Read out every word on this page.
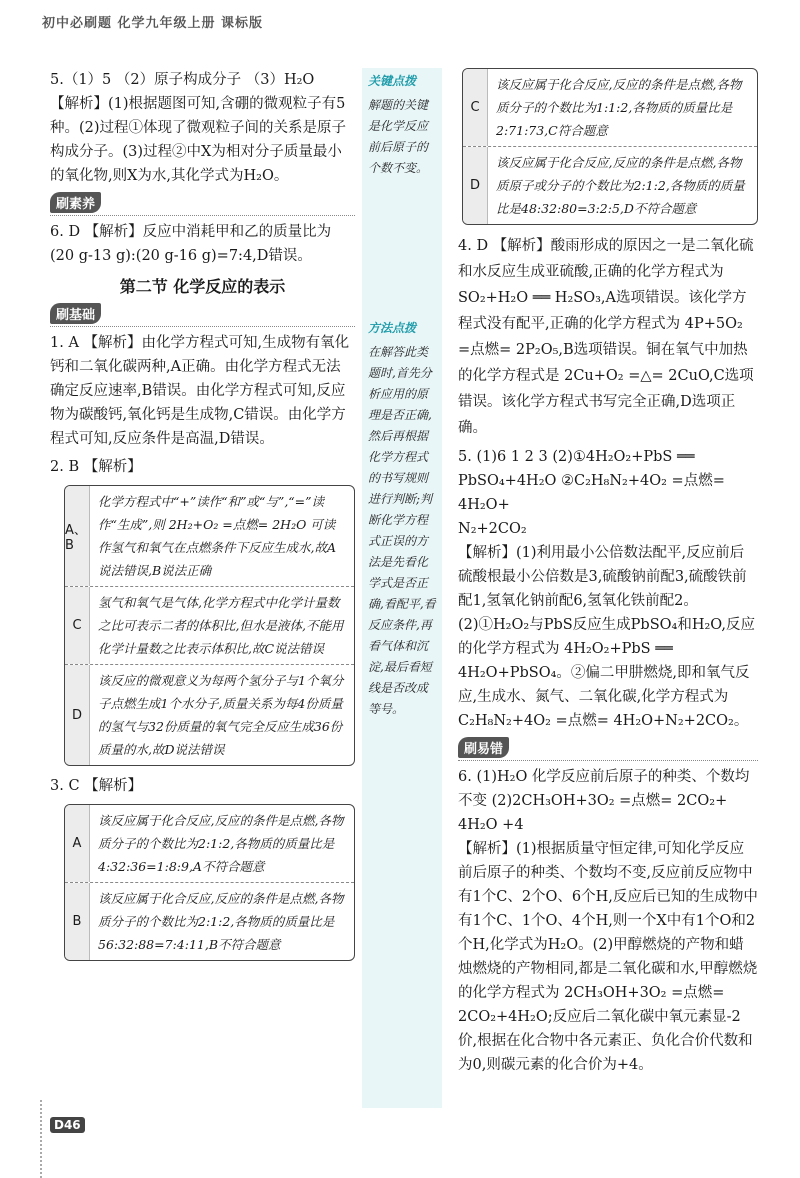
初中必刷题 化学九年级上册 课标版

关键点拨

解题的关键是化学反应前后原子的个数不变。

方法点拨

在解答此类题时,首先分析应用的原理是否正确,然后再根据化学方程式的书写规则进行判断;判断化学方程式正误的方法是先看化学式是否正确,看配平,看反应条件,再看气体和沉淀,最后看短线是否改成等号。

5.（1）5 （2）原子构成分子 （3）H₂O

【解析】(1)根据题图可知,含硼的微观粒子有5种。(2)过程①体现了微观粒子间的关系是原子构成分子。(3)过程②中X为相对分子质量最小的氧化物,则X为水,其化学式为H₂O。

刷素养

6. D 【解析】反应中消耗甲和乙的质量比为(20 g-13 g):(20 g-16 g)=7:4,D错误。

第二节 化学反应的表示
刷基础

1. A 【解析】由化学方程式可知,生成物有氧化钙和二氧化碳两种,A正确。由化学方程式无法确定反应速率,B错误。由化学方程式可知,反应物为碳酸钙,氧化钙是生成物,C错误。由化学方程式可知,反应条件是高温,D错误。

2. B 【解析】

A、B
化学方程式中“+”读作“和”或“与”,“=”读作“生成”,则 2H₂+O₂ =点燃= 2H₂O 可读作氢气和氧气在点燃条件下反应生成水,故A说法错误,B说法正确
C
氢气和氧气是气体,化学方程式中化学计量数之比可表示二者的体积比,但水是液体,不能用化学计量数之比表示体积比,故C说法错误
D
该反应的微观意义为每两个氢分子与1个氧分子点燃生成1个水分子,质量关系为每4份质量的氢气与32份质量的氧气完全反应生成36份质量的水,故D说法错误

3. C 【解析】

A
该反应属于化合反应,反应的条件是点燃,各物质分子的个数比为2:1:2,各物质的质量比是4:32:36=1:8:9,A不符合题意
B
该反应属于化合反应,反应的条件是点燃,各物质分子的个数比为2:1:2,各物质的质量比是56:32:88=7:4:11,B不符合题意
C
该反应属于化合反应,反应的条件是点燃,各物质分子的个数比为1:1:2,各物质的质量比是2:71:73,C符合题意
D
该反应属于化合反应,反应的条件是点燃,各物质原子或分子的个数比为2:1:2,各物质的质量比是48:32:80=3:2:5,D不符合题意

4. D 【解析】酸雨形成的原因之一是二氧化硫和水反应生成亚硫酸,正确的化学方程式为SO₂+H₂O ══ H₂SO₃,A选项错误。该化学方程式没有配平,正确的化学方程式为 4P+5O₂ =点燃= 2P₂O₅,B选项错误。铜在氧气中加热的化学方程式是 2Cu+O₂ =△= 2CuO,C选项错误。该化学方程式书写完全正确,D选项正确。

5. (1)6 1 2 3 (2)①4H₂O₂+PbS ══

PbSO₄+4H₂O ②C₂H₈N₂+4O₂ =点燃= 4H₂O+

N₂+2CO₂

【解析】(1)利用最小公倍数法配平,反应前后硫酸根最小公倍数是3,硫酸钠前配3,硫酸铁前配1,氢氧化钠前配6,氢氧化铁前配2。(2)①H₂O₂与PbS反应生成PbSO₄和H₂O,反应的化学方程式为 4H₂O₂+PbS ══ 4H₂O+PbSO₄。②偏二甲肼燃烧,即和氧气反应,生成水、氮气、二氧化碳,化学方程式为 C₂H₈N₂+4O₂ =点燃= 4H₂O+N₂+2CO₂。

刷易错

6. (1)H₂O 化学反应前后原子的种类、个数均

不变 (2)2CH₃OH+3O₂ =点燃= 2CO₂+

4H₂O +4

【解析】(1)根据质量守恒定律,可知化学反应前后原子的种类、个数均不变,反应前反应物中有1个C、2个O、6个H,反应后已知的生成物中有1个C、1个O、4个H,则一个X中有1个O和2个H,化学式为H₂O。(2)甲醇燃烧的产物和蜡烛燃烧的产物相同,都是二氧化碳和水,甲醇燃烧的化学方程式为 2CH₃OH+3O₂ =点燃= 2CO₂+4H₂O;反应后二氧化碳中氧元素显-2价,根据在化合物中各元素正、负化合价代数和为0,则碳元素的化合价为+4。

D46
